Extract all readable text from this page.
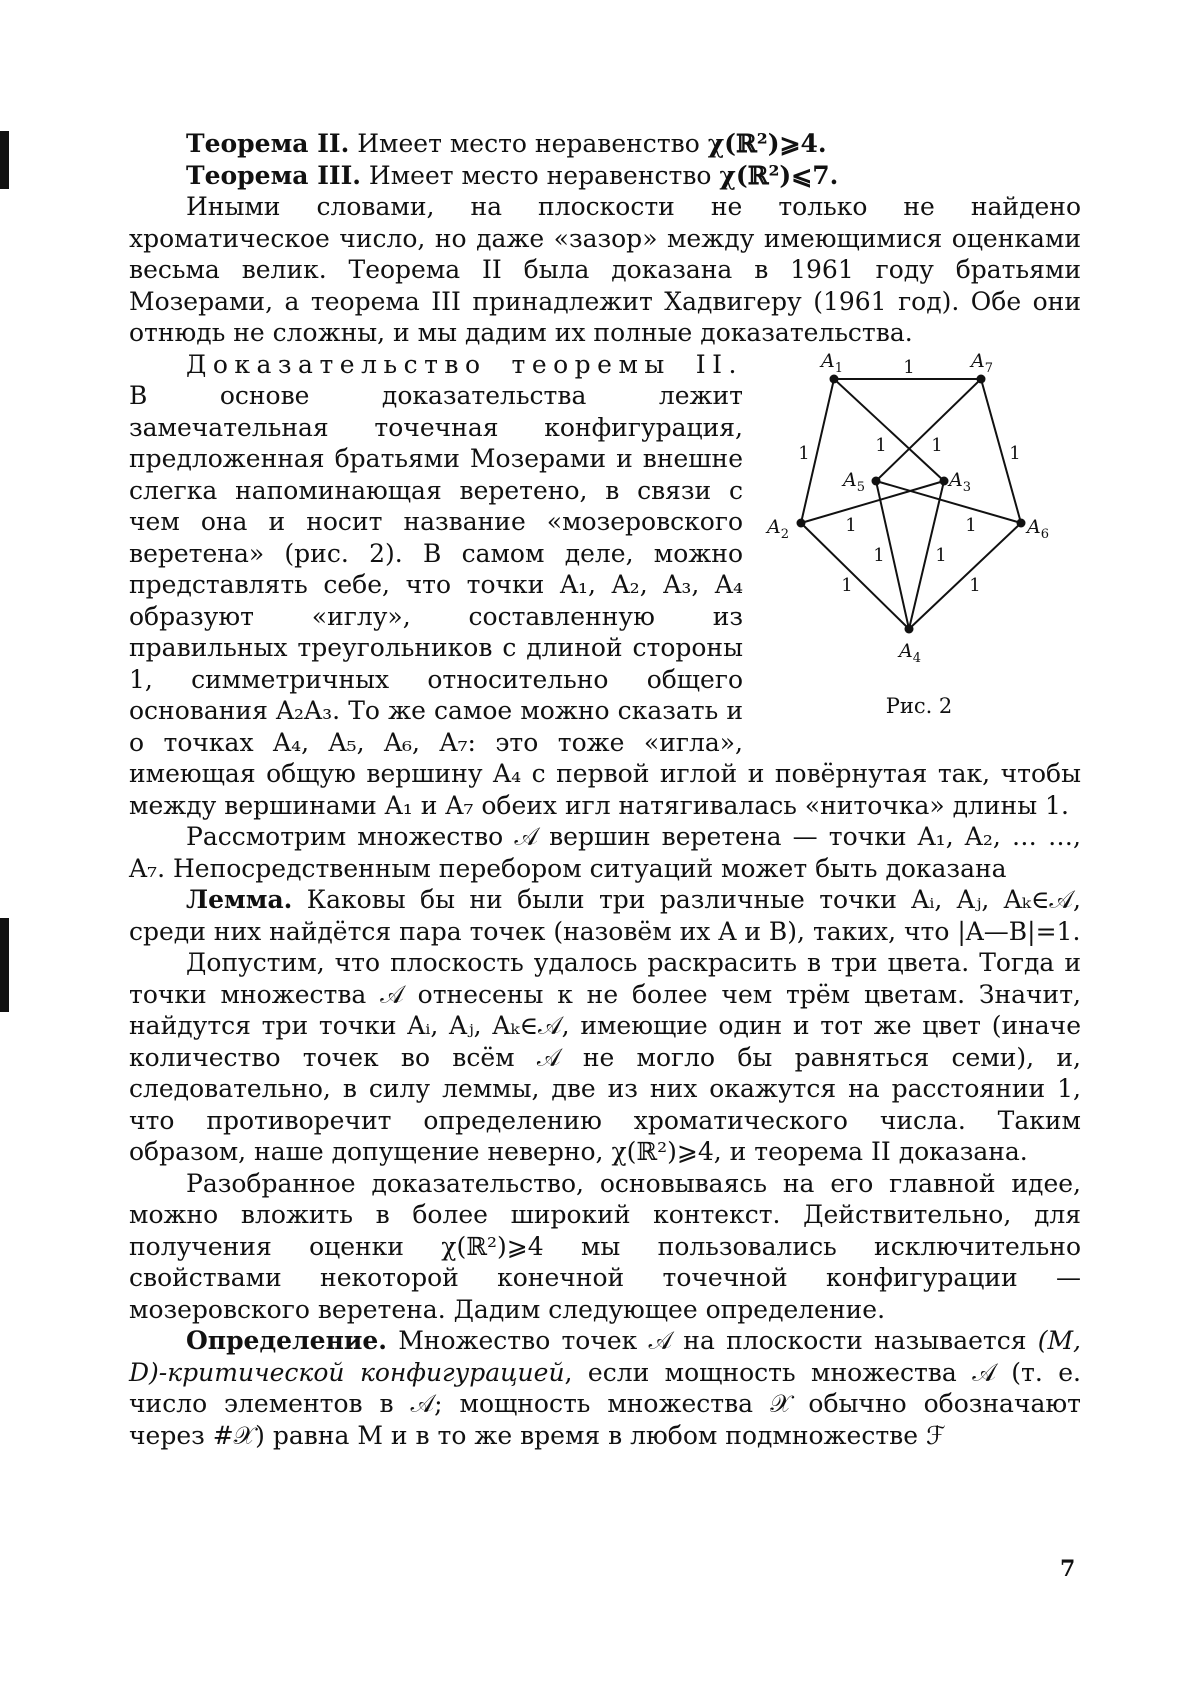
Теорема II. Имеет место неравенство χ(ℝ²)⩾4.

Теорема III. Имеет место неравенство χ(ℝ²)⩽7.

Иными словами, на плоскости не только не найдено хроматическое число, но даже «зазор» между имеющимися оценками весьма велик. Теорема II была доказана в 1961 году братьями Мозерами, а теорема III принадлежит Хадвигеру (1961 год). Обе они отнюдь не сложны, и мы дадим их полные доказательства.

1
1	1
1
1
1
1
1
1
1
1
A1
A2
A3
A4
A5
A6
A7
Рис. 2

Доказательство теоремы II. В основе доказательства лежит замечательная точечная конфигурация, предложенная братьями Мозерами и внешне слегка напоминающая веретено, в связи с чем она и носит название «мозеровского веретена» (рис. 2). В самом деле, можно представлять себе, что точки A₁, A₂, A₃, A₄ образуют «иглу», составленную из правильных треугольников с длиной стороны 1, симметричных относительно общего основания A₂A₃. То же самое можно сказать и о точках A₄, A₅, A₆, A₇: это тоже «игла», имеющая общую вершину A₄ с первой иглой и повёрнутая так, чтобы между вершинами A₁ и A₇ обеих игл натягивалась «ниточка» длины 1.

Рассмотрим множество 𝒜 вершин веретена — точки A₁, A₂, … …, A₇. Непосредственным перебором ситуаций может быть доказана

Лемма. Каковы бы ни были три различные точки Aᵢ, Aⱼ, Aₖ∈𝒜, среди них найдётся пара точек (назовём их A и B), таких, что |A—B|=1.

Допустим, что плоскость удалось раскрасить в три цвета. Тогда и точки множества 𝒜 отнесены к не более чем трём цветам. Значит, найдутся три точки Aᵢ, Aⱼ, Aₖ∈𝒜, имеющие один и тот же цвет (иначе количество точек во всём 𝒜 не могло бы равняться семи), и, следовательно, в силу леммы, две из них окажутся на расстоянии 1, что противоречит определению хроматического числа. Таким образом, наше допущение неверно, χ(ℝ²)⩾4, и теорема II доказана.

Разобранное доказательство, основываясь на его главной идее, можно вложить в более широкий контекст. Действительно, для получения оценки χ(ℝ²)⩾4 мы пользовались исключительно свойствами некоторой конечной точечной конфигурации — мозеровского веретена. Дадим следующее определение.

Определение. Множество точек 𝒜 на плоскости называется (M, D)-критической конфигурацией, если мощность множества 𝒜 (т. е. число элементов в 𝒜; мощность множества 𝒳 обычно обозначают через #𝒳) равна M и в то же время в любом подмножестве ℱ

7
